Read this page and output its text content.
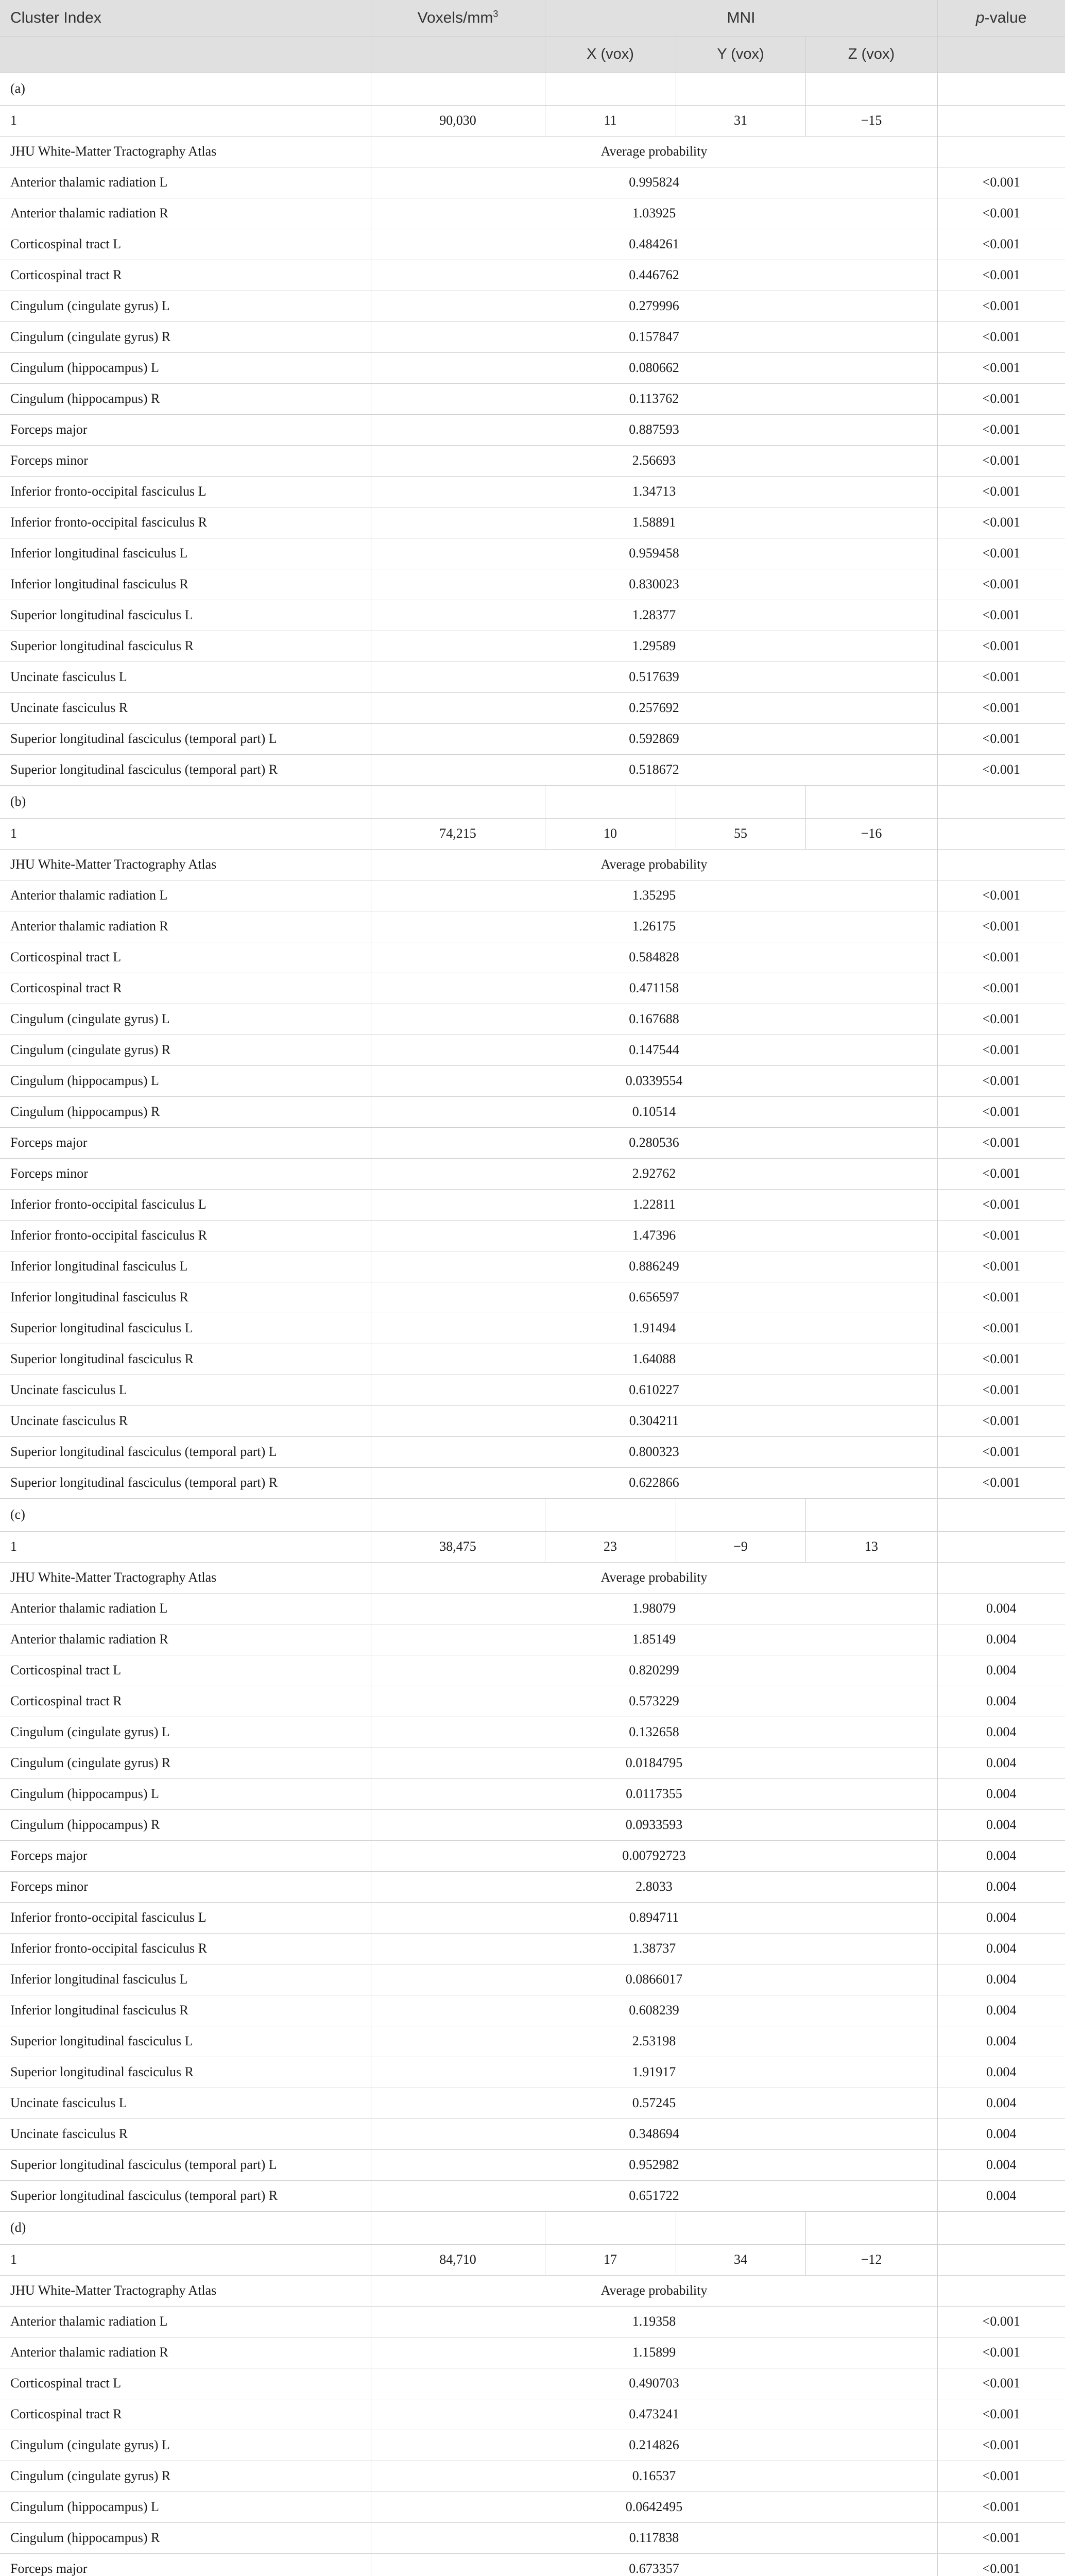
Cluster Index	Voxels/$mm^3$	MNI			p-value
		X (vox)	Y (vox)	Z (vox)	
(a)					
1	90,030	11	31	−15	
JHU White-Matter Tractography Atlas	Average probability				
Anterior thalamic radiation L	0.995824				<0.001
Anterior thalamic radiation R	1.03925				<0.001
Corticospinal tract L	0.484261				<0.001
Corticospinal tract R	0.446762				<0.001
Cingulum (cingulate gyrus) L	0.279996				<0.001
Cingulum (cingulate gyrus) R	0.157847				<0.001
Cingulum (hippocampus) L	0.080662				<0.001
Cingulum (hippocampus) R	0.113762				<0.001
Forceps major	0.887593				<0.001
Forceps minor	2.56693				<0.001
Inferior fronto-occipital fasciculus L	1.34713				<0.001
Inferior fronto-occipital fasciculus R	1.58891				<0.001
Inferior longitudinal fasciculus L	0.959458				<0.001
Inferior longitudinal fasciculus R	0.830023				<0.001
Superior longitudinal fasciculus L	1.28377				<0.001
Superior longitudinal fasciculus R	1.29589				<0.001
Uncinate fasciculus L	0.517639				<0.001
Uncinate fasciculus R	0.257692				<0.001
Superior longitudinal fasciculus (temporal part) L	0.592869				<0.001
Superior longitudinal fasciculus (temporal part) R	0.518672				<0.001
(b)					
1	74,215	10	55	−16	
JHU White-Matter Tractography Atlas	Average probability				
Anterior thalamic radiation L	1.35295				<0.001
Anterior thalamic radiation R	1.26175				<0.001
Corticospinal tract L	0.584828				<0.001
Corticospinal tract R	0.471158				<0.001
Cingulum (cingulate gyrus) L	0.167688				<0.001
Cingulum (cingulate gyrus) R	0.147544				<0.001
Cingulum (hippocampus) L	0.0339554				<0.001
Cingulum (hippocampus) R	0.10514				<0.001
Forceps major	0.280536				<0.001
Forceps minor	2.92762				<0.001
Inferior fronto-occipital fasciculus L	1.22811				<0.001
Inferior fronto-occipital fasciculus R	1.47396				<0.001
Inferior longitudinal fasciculus L	0.886249				<0.001
Inferior longitudinal fasciculus R	0.656597				<0.001
Superior longitudinal fasciculus L	1.91494				<0.001
Superior longitudinal fasciculus R	1.64088				<0.001
Uncinate fasciculus L	0.610227				<0.001
Uncinate fasciculus R	0.304211				<0.001
Superior longitudinal fasciculus (temporal part) L	0.800323				<0.001
Superior longitudinal fasciculus (temporal part) R	0.622866				<0.001
(c)					
1	38,475	23	−9	13	
JHU White-Matter Tractography Atlas	Average probability				
Anterior thalamic radiation L	1.98079				0.004
Anterior thalamic radiation R	1.85149				0.004
Corticospinal tract L	0.820299				0.004
Corticospinal tract R	0.573229				0.004
Cingulum (cingulate gyrus) L	0.132658				0.004
Cingulum (cingulate gyrus) R	0.0184795				0.004
Cingulum (hippocampus) L	0.0117355				0.004
Cingulum (hippocampus) R	0.0933593				0.004
Forceps major	0.00792723				0.004
Forceps minor	2.8033				0.004
Inferior fronto-occipital fasciculus L	0.894711				0.004
Inferior fronto-occipital fasciculus R	1.38737				0.004
Inferior longitudinal fasciculus L	0.0866017				0.004
Inferior longitudinal fasciculus R	0.608239				0.004
Superior longitudinal fasciculus L	2.53198				0.004
Superior longitudinal fasciculus R	1.91917				0.004
Uncinate fasciculus L	0.57245				0.004
Uncinate fasciculus R	0.348694				0.004
Superior longitudinal fasciculus (temporal part) L	0.952982				0.004
Superior longitudinal fasciculus (temporal part) R	0.651722				0.004
(d)					
1	84,710	17	34	−12	
JHU White-Matter Tractography Atlas	Average probability				
Anterior thalamic radiation L	1.19358				<0.001
Anterior thalamic radiation R	1.15899				<0.001
Corticospinal tract L	0.490703				<0.001
Corticospinal tract R	0.473241				<0.001
Cingulum (cingulate gyrus) L	0.214826				<0.001
Cingulum (cingulate gyrus) R	0.16537				<0.001
Cingulum (hippocampus) L	0.0642495				<0.001
Cingulum (hippocampus) R	0.117838				<0.001
Forceps major	0.673357				<0.001
